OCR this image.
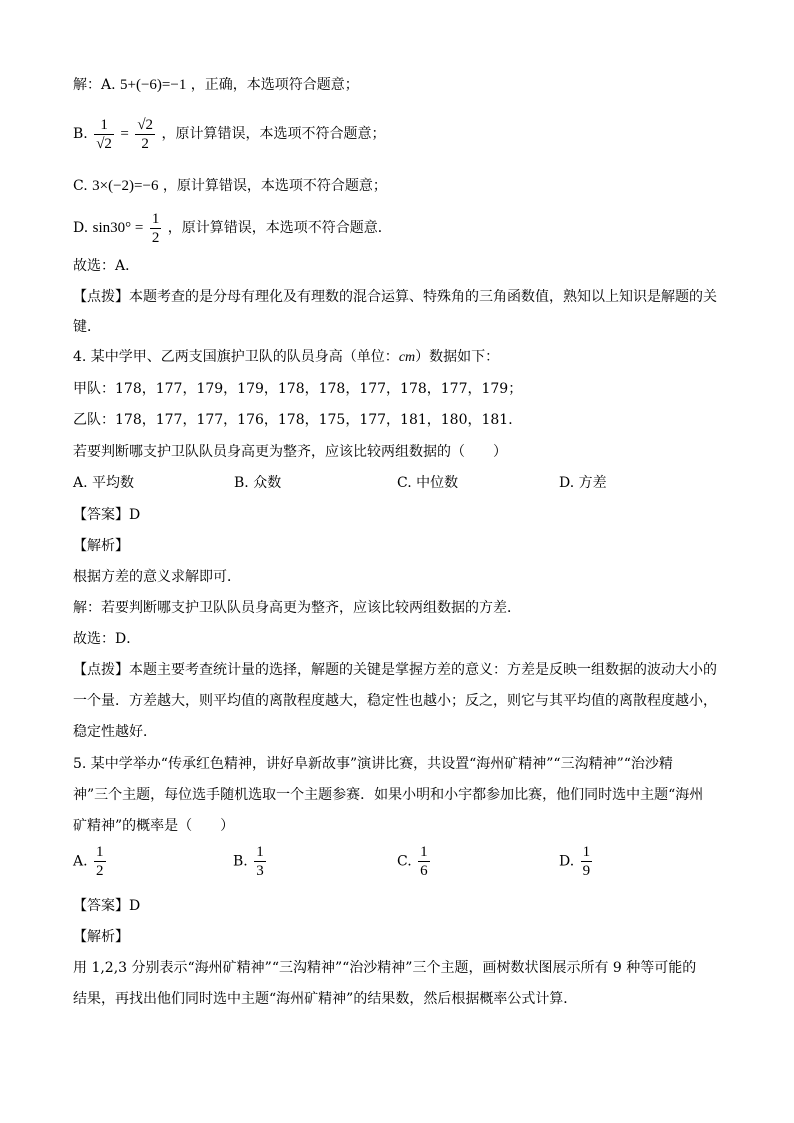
解：A. 5+(−6)=−1 ，正确，本选项符合题意；
B. $\frac{1}{√2} = \frac{√2}{2}$ ，原计算错误，本选项不符合题意；
C. 3×(−2)=−6 ，原计算错误，本选项不符合题意；
D. $\sin 30^\circ = \frac{1}{2}$ ，原计算错误，本选项不符合题意．
故选：A．
【点拨】本题考查的是分母有理化及有理数的混合运算、特殊角的三角函数值，熟知以上知识是解题的关
键．
4. 某中学甲、乙两支国旗护卫队的队员身高（单位：cm）数据如下：
甲队：178，177，179，179，178，178，177，178，177，179；
乙队：178，177，177，176，178，175，177，181，180，181．
若要判断哪支护卫队队员身高更为整齐，应该比较两组数据的（　　）
A. 平均数	B. 众数	C. 中位数	D. 方差
【答案】D
【解析】
根据方差的意义求解即可．
解：若要判断哪支护卫队队员身高更为整齐，应该比较两组数据的方差．
故选：D．
【点拨】本题主要考查统计量的选择，解题的关键是掌握方差的意义：方差是反映一组数据的波动大小的
一个量．方差越大，则平均值的离散程度越大，稳定性也越小；反之，则它与其平均值的离散程度越小，
稳定性越好．
5. 某中学举办“传承红色精神，讲好阜新故事”演讲比赛，共设置“海州矿精神”“三沟精神”“治沙精
神”三个主题，每位选手随机选取一个主题参赛．如果小明和小宇都参加比赛，他们同时选中主题“海州
矿精神”的概率是（　　）
A. $\frac{1}{2}$	B. $\frac{1}{3}$	C. $\frac{1}{6}$	D. $\frac{1}{9}$
【答案】D
【解析】
用 1,2,3 分别表示“海州矿精神”“三沟精神”“治沙精神”三个主题，画树数状图展示所有 9 种等可能的
结果，再找出他们同时选中主题“海州矿精神”的结果数，然后根据概率公式计算．
